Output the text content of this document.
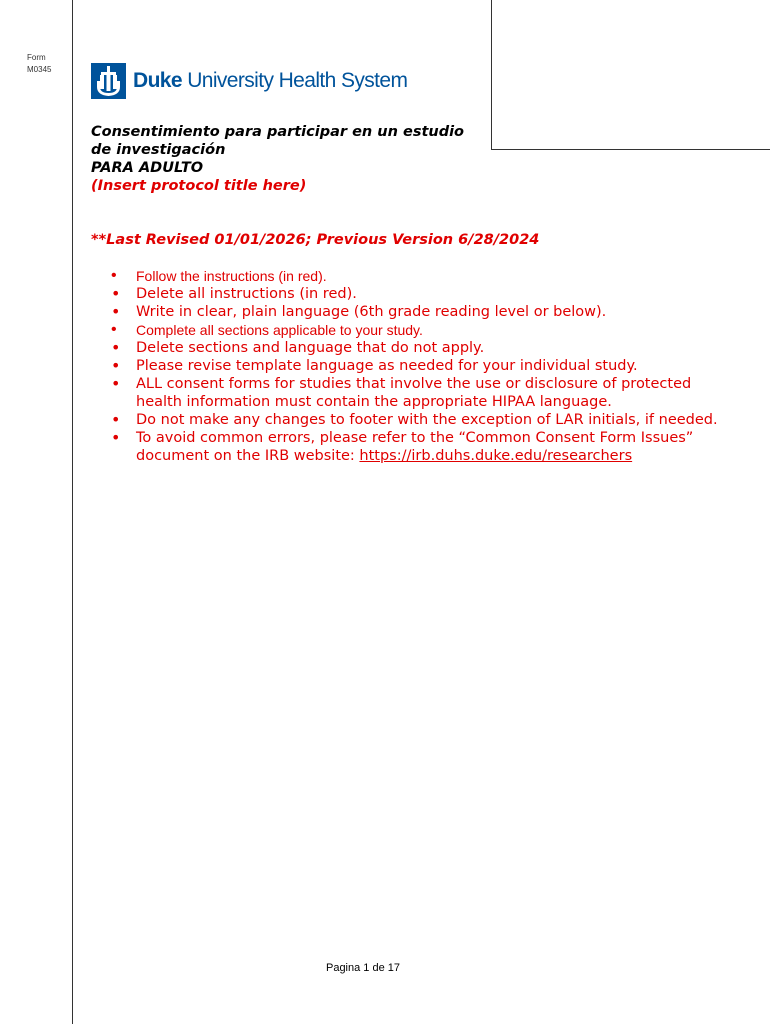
Form
M0345	Duke University Health System
Consentimiento para participar en un estudio
de investigación
PARA ADULTO
(Insert protocol title here)
**Last Revised 01/01/2026; Previous Version 6/28/2024
• Follow the instructions (in red).
• Delete all instructions (in red).
• Write in clear, plain language (6th grade reading level or below).
• Complete all sections applicable to your study.
• Delete sections and language that do not apply.
• Please revise template language as needed for your individual study.
• ALL consent forms for studies that involve the use or disclosure of protected health information must contain the appropriate HIPAA language.
• Do not make any changes to footer with the exception of LAR initials, if needed.
• To avoid common errors, please refer to the “Common Consent Form Issues” document on the IRB website: https://irb.duhs.duke.edu/researchers
Pagina 1 de 17
